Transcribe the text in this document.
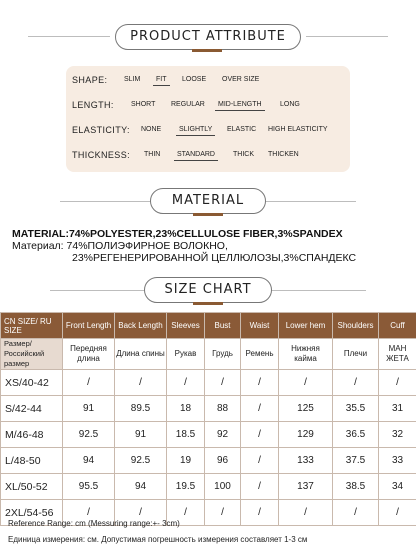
PRODUCT ATTRIBUTE
SHAPE: SLIM	FIT	LOOSE OVER SIZE
LENGTH: SHORT REGULAR	MID-LENGTH	LONG
ELASTICITY: NONE	SLIGHTLY	ELASTIC HIGH ELASTICITY
THICKNESS: THIN	STANDARD	THICK THICKEN
MATERIAL
MATERIAL:74%POLYESTER,23%CELLULOSE FIBER,3%SPANDEX
Материал: 74%ПОЛИЭФИРНОЕ ВОЛОКНО,
23%РЕГЕНЕРИРОВАННОЙ ЦЕЛЛЮЛОЗЫ,3%СПАНДЕКС
SIZE CHART
CN SIZE/ RU SIZE	Front Length	Back Length	Sleeves	Bust	Waist	Lower hem	Shoulders	Cuff
Размер/ Российский размер	Передняя длина	Длина спины	Рукав	Грудь	Ремень	Нижняя кайма	Плечи	МАН ЖЕТА
XS/40-42	/	/	/	/	/	/	/	/
S/42-44	91	89.5	18	88	/	125	35.5	31
M/46-48	92.5	91	18.5	92	/	129	36.5	32
L/48-50	94	92.5	19	96	/	133	37.5	33
XL/50-52	95.5	94	19.5	100	/	137	38.5	34
2XL/54-56	/	/	/	/	/	/	/	/
Reference Range: cm (Messuring range:+- 3cm)
Единица измерения: см. Допустимая погрешность измерения составляет 1-3 см
